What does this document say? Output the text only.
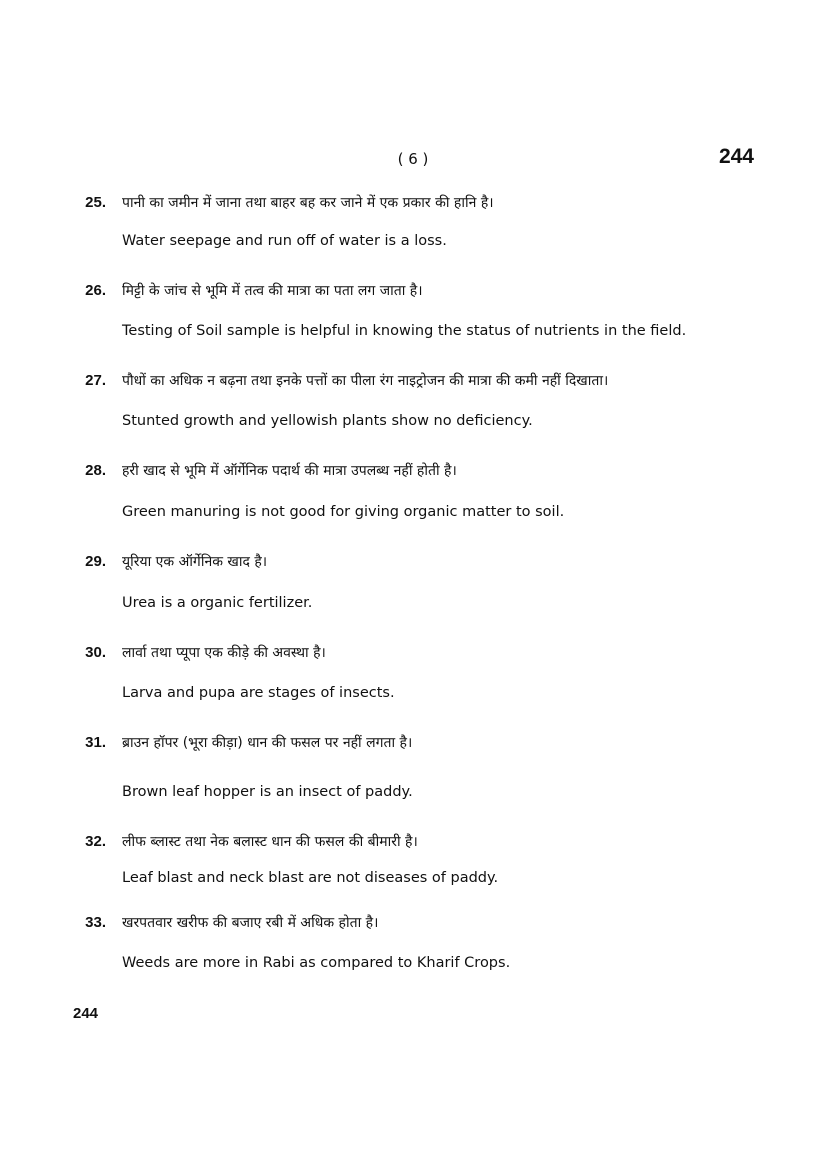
( 6 )	244
25. पानी का जमीन में जाना तथा बाहर बह कर जाने में एक प्रकार की हानि है।
Water seepage and run off of water is a loss.
26. मिट्टी के जांच से भूमि में तत्व की मात्रा का पता लग जाता है।
Testing of Soil sample is helpful in knowing the status of nutrients in the field.
27. पौधों का अधिक न बढ़ना तथा इनके पत्तों का पीला रंग नाइट्रोजन की मात्रा की कमी नहीं दिखाता।
Stunted growth and yellowish plants show no deficiency.
28. हरी खाद से भूमि में ऑर्गेनिक पदार्थ की मात्रा उपलब्ध नहीं होती है।
Green manuring is not good for giving organic matter to soil.
29. यूरिया एक ऑर्गेनिक खाद है।
Urea is a organic fertilizer.
30. लार्वा तथा प्यूपा एक कीड़े की अवस्था है।
Larva and pupa are stages of insects.
31. ब्राउन हॉपर (भूरा कीड़ा) धान की फसल पर नहीं लगता है।
Brown leaf hopper is an insect of paddy.
32. लीफ ब्लास्ट तथा नेक बलास्ट धान की फसल की बीमारी है।
Leaf blast and neck blast are not diseases of paddy.
33. खरपतवार खरीफ की बजाए रबी में अधिक होता है।
Weeds are more in Rabi as compared to Kharif Crops.
244
